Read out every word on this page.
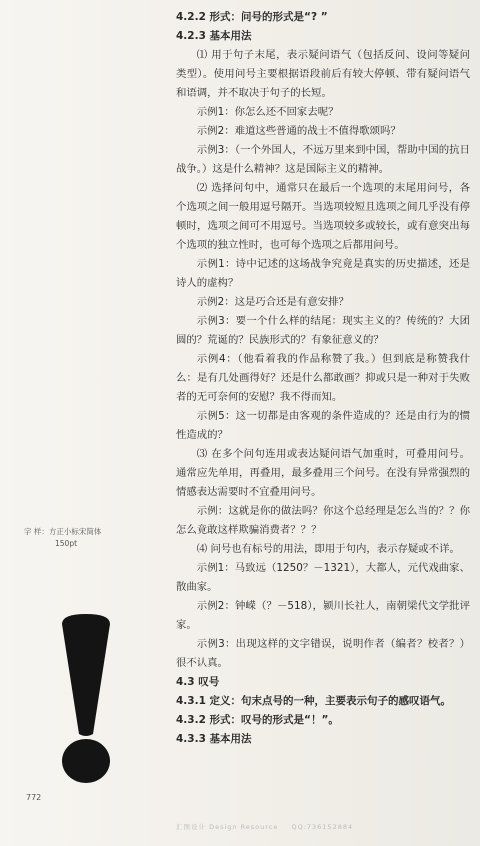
4.2.2 形式：问号的形式是“? ”

4.2.3 基本用法

⑴ 用于句子末尾，表示疑问语气（包括反问、设问等疑问类型）。使用问号主要根据语段前后有较大停顿、带有疑问语气和语调，并不取决于句子的长短。

示例1：你怎么还不回家去呢？

示例2：难道这些普通的战士不值得歌颂吗？

示例3：（一个外国人，不远万里来到中国，帮助中国的抗日战争。）这是什么精神？这是国际主义的精神。

⑵ 选择问句中，通常只在最后一个选项的末尾用问号，各个选项之间一般用逗号隔开。当选项较短且选项之间几乎没有停顿时，选项之间可不用逗号。当选项较多或较长，或有意突出每个选项的独立性时，也可每个选项之后都用问号。

示例1：诗中记述的这场战争究竟是真实的历史描述，还是诗人的虚构？

示例2：这是巧合还是有意安排？

示例3：要一个什么样的结尾：现实主义的？传统的？大团圆的？荒诞的？民族形式的？有象征意义的？

示例4：（他看着我的作品称赞了我。）但到底是称赞我什么：是有几处画得好？还是什么都敢画？抑或只是一种对于失败者的无可奈何的安慰？我不得而知。

示例5：这一切都是由客观的条件造成的？还是由行为的惯性造成的？

⑶ 在多个问句连用或表达疑问语气加重时，可叠用问号。通常应先单用，再叠用，最多叠用三个问号。在没有异常强烈的情感表达需要时不宜叠用问号。

示例：这就是你的做法吗？你这个总经理是怎么当的？？你怎么竟敢这样欺骗消费者？？？

⑷ 问号也有标号的用法，即用于句内，表示存疑或不详。

示例1：马致远（1250？－1321），大都人，元代戏曲家、散曲家。

示例2：钟嵘（？－518），颍川长社人，南朝梁代文学批评家。

示例3：出现这样的文字错误，说明作者（编者？校者？）很不认真。

4.3 叹号

4.3.1 定义：句末点号的一种，主要表示句子的感叹语气。

4.3.2 形式：叹号的形式是“！”。

4.3.3 基本用法

字 样：方正小标宋简体
150pt
772
汇图设计 Design Resource QQ:736152884
